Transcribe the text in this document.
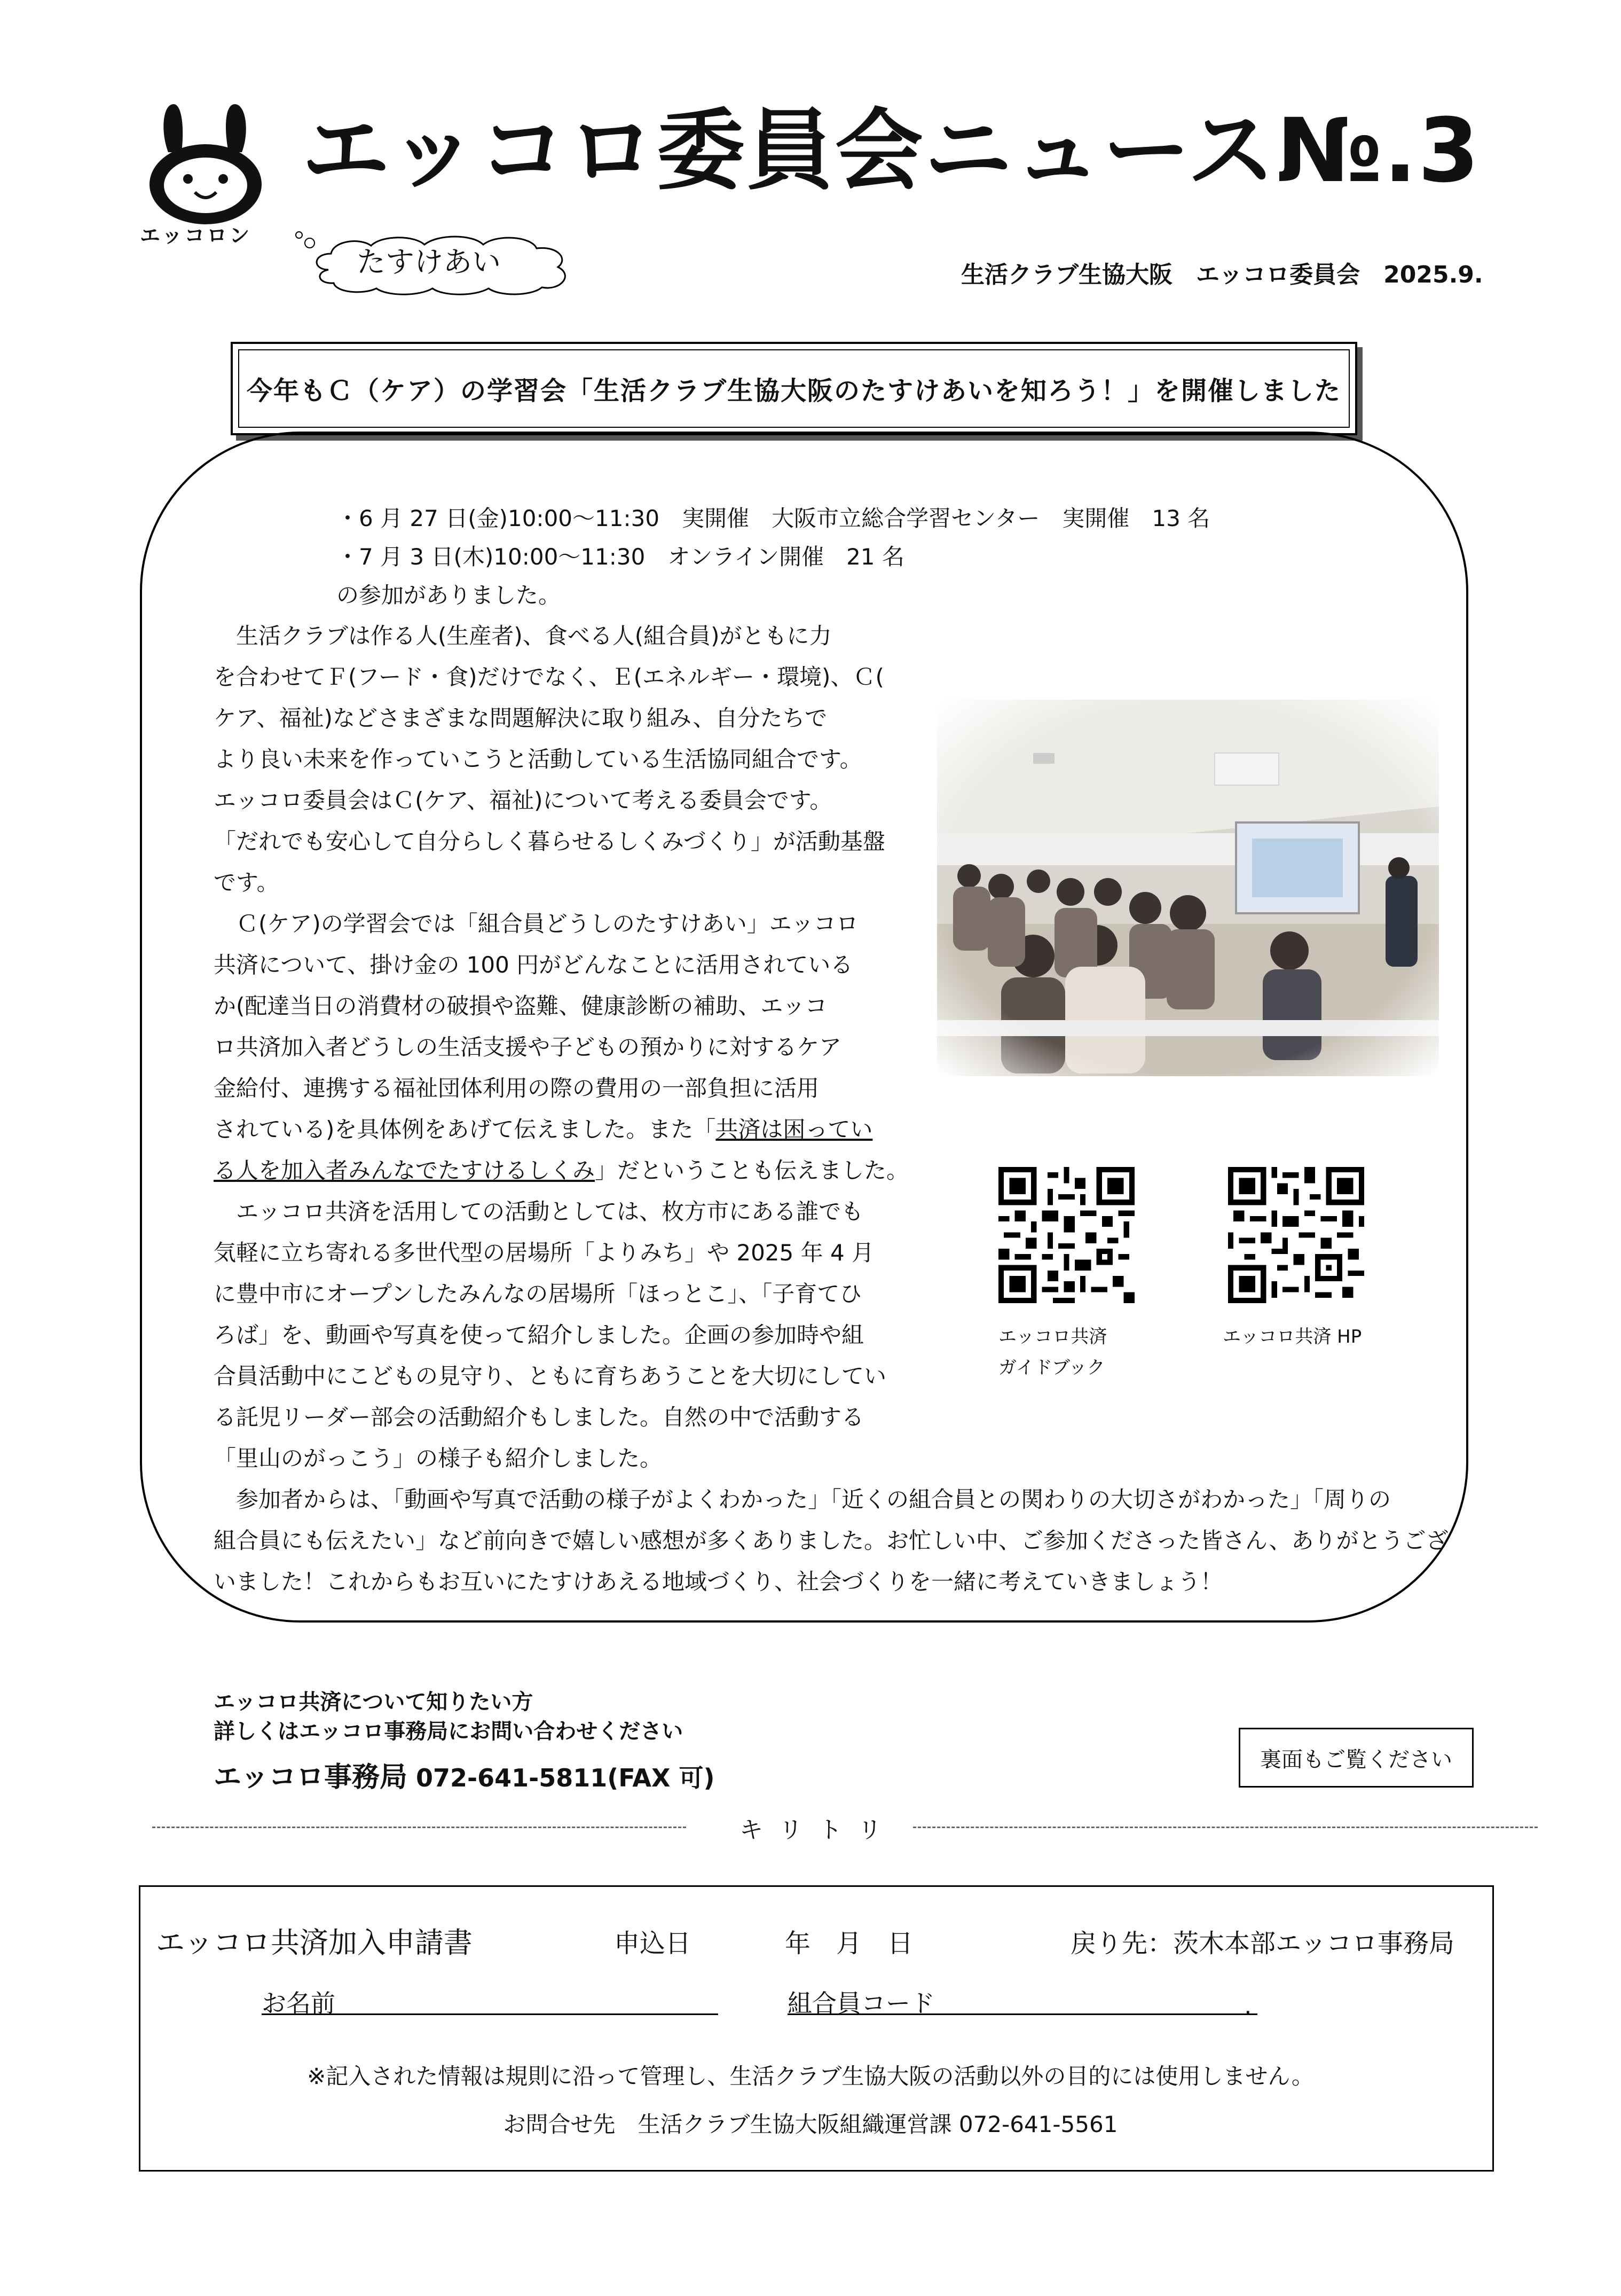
エッコロン
エッコロ委員会ニュース№.3
たすけあい	生活クラブ生協大阪　エッコロ委員会　2025.9.
今年もＣ（ケア）の学習会「生活クラブ生協大阪のたすけあいを知ろう！」を開催しました
・6 月 27 日(金)10:00～11:30　実開催　大阪市立総合学習センター　実開催　13 名
・7 月 3 日(木)10:00～11:30　オンライン開催　21 名
の参加がありました。
　生活クラブは作る人(生産者)、食べる人(組合員)がともに力
を合わせてＦ(フード・食)だけでなく、Ｅ(エネルギー・環境)、Ｃ(
ケア、福祉)などさまざまな問題解決に取り組み、自分たちで
より良い未来を作っていこうと活動している生活協同組合です。
エッコロ委員会はＣ(ケア、福祉)について考える委員会です。
「だれでも安心して自分らしく暮らせるしくみづくり」が活動基盤
です。
　Ｃ(ケア)の学習会では「組合員どうしのたすけあい」エッコロ
共済について、掛け金の 100 円がどんなことに活用されている
か(配達当日の消費材の破損や盗難、健康診断の補助、エッコ
ロ共済加入者どうしの生活支援や子どもの預かりに対するケア
金給付、連携する福祉団体利用の際の費用の一部負担に活用
されている)を具体例をあげて伝えました。また「共済は困ってい
る人を加入者みんなでたすけるしくみ」だということも伝えました。
　エッコロ共済を活用しての活動としては、枚方市にある誰でも
気軽に立ち寄れる多世代型の居場所「よりみち」や 2025 年 4 月
に豊中市にオープンしたみんなの居場所「ほっとこ」、「子育てひ
ろば」を、動画や写真を使って紹介しました。企画の参加時や組
合員活動中にこどもの見守り、ともに育ちあうことを大切にしてい
る託児リーダー部会の活動紹介もしました。自然の中で活動する
「里山のがっこう」の様子も紹介しました。
　参加者からは、「動画や写真で活動の様子がよくわかった」「近くの組合員との関わりの大切さがわかった」「周りの
組合員にも伝えたい」など前向きで嬉しい感想が多くありました。お忙しい中、ご参加くださった皆さん、ありがとうござ
いました！これからもお互いにたすけあえる地域づくり、社会づくりを一緒に考えていきましょう！
エッコロ共済
ガイドブック
エッコロ共済 HP
エッコロ共済について知りたい方
詳しくはエッコロ事務局にお問い合わせください
エッコロ事務局 072-641-5811(FAX 可)
裏面もご覧ください
キリトリ
エッコロ共済加入申請書	申込日	年　月　日	戻り先：茨木本部エッコロ事務局
お名前	組合員コード	.
※記入された情報は規則に沿って管理し、生活クラブ生協大阪の活動以外の目的には使用しません。
お問合せ先　生活クラブ生協大阪組織運営課 072-641-5561
